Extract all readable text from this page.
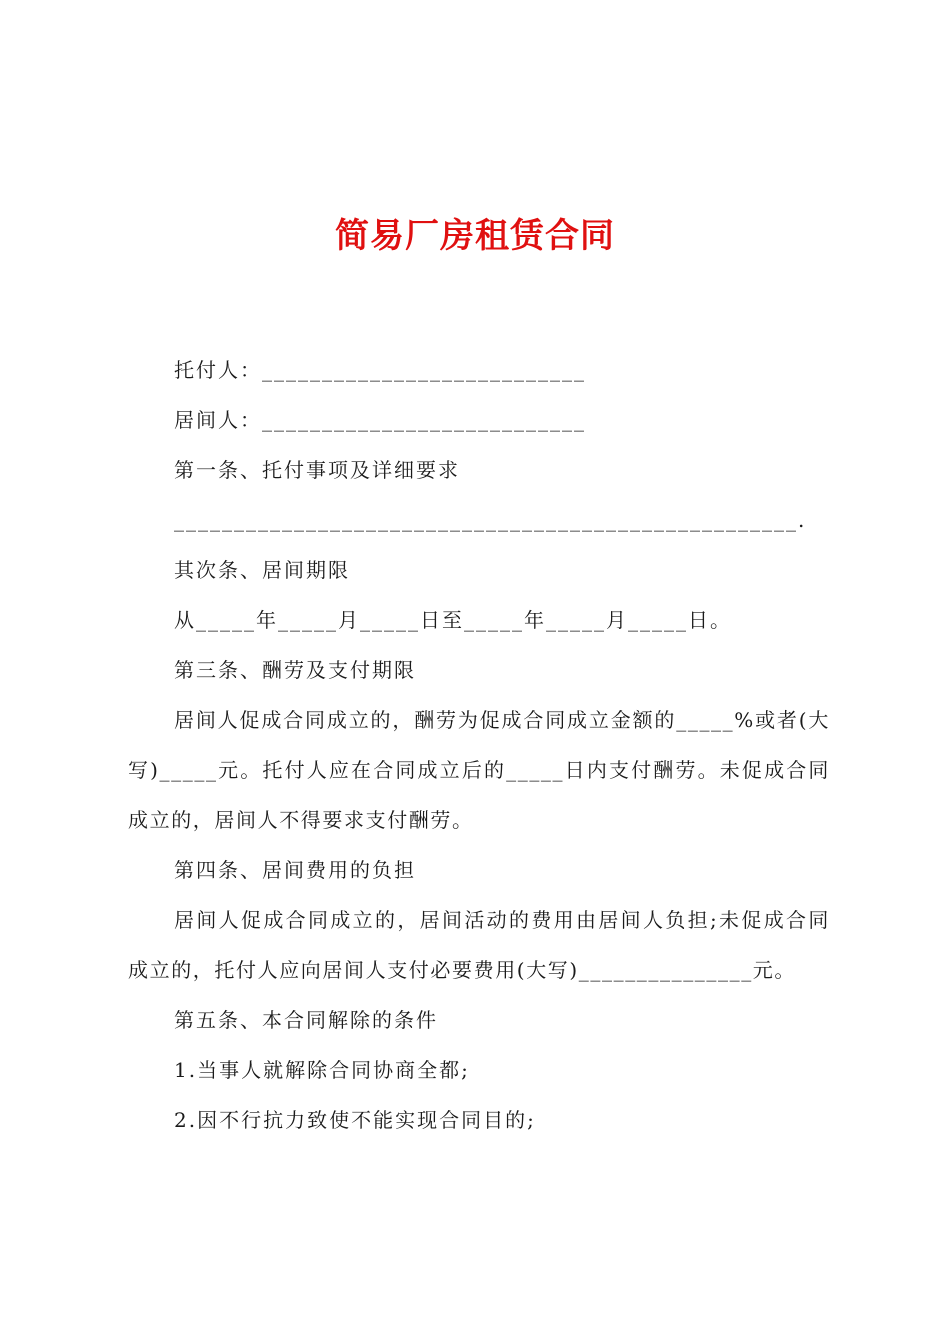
简易厂房租赁合同

托付人：___________________________

居间人：___________________________

第一条、托付事项及详细要求

____________________________________________________.

其次条、居间期限

从_____年_____月_____日至_____年_____月_____日。

第三条、酬劳及支付期限

居间人促成合同成立的，酬劳为促成合同成立金额的_____%或者(大写)_____元。托付人应在合同成立后的_____日内支付酬劳。未促成合同成立的，居间人不得要求支付酬劳。

第四条、居间费用的负担

居间人促成合同成立的，居间活动的费用由居间人负担;未促成合同成立的，托付人应向居间人支付必要费用(大写)_______________元。

第五条、本合同解除的条件

1.当事人就解除合同协商全都;

2.因不行抗力致使不能实现合同目的;
